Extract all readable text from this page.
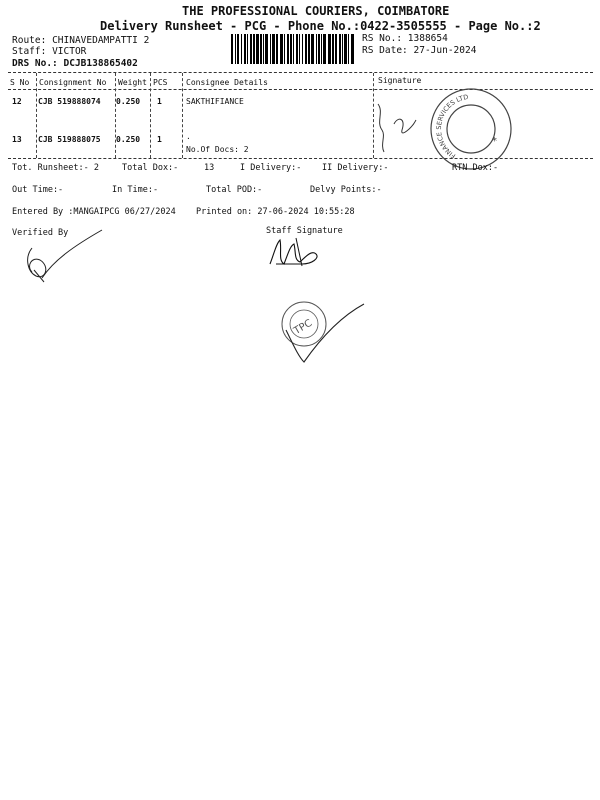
THE PROFESSIONAL COURIERS, COIMBATORE
Delivery Runsheet - PCG - Phone No.:0422-3505555 - Page No.:2
Route: CHINAVEDAMPATTI 2
Staff: VICTOR
DRS No.: DCJB138865402
RS No.: 1388654
RS Date: 27-Jun-2024
S No Consignment No Weight PCS Consignee Details	Signature
12 CJB 519888074 0.250 1	SAKTHIFIANCE
13 CJB 519888075 0.250 1	.
No.Of Docs: 2
FINANCE SERVICES LTD
*
Tot. Runsheet:- 2	Total Dox:-	13	I Delivery:- II Delivery:-	RTN Dox:-
Out Time:-	In Time:-	Total POD:-	Delvy Points:-
Entered By :MANGAIPCG 06/27/2024 Printed on: 27-06-2024 10:55:28
Verified By	Staff Signature
TPC
